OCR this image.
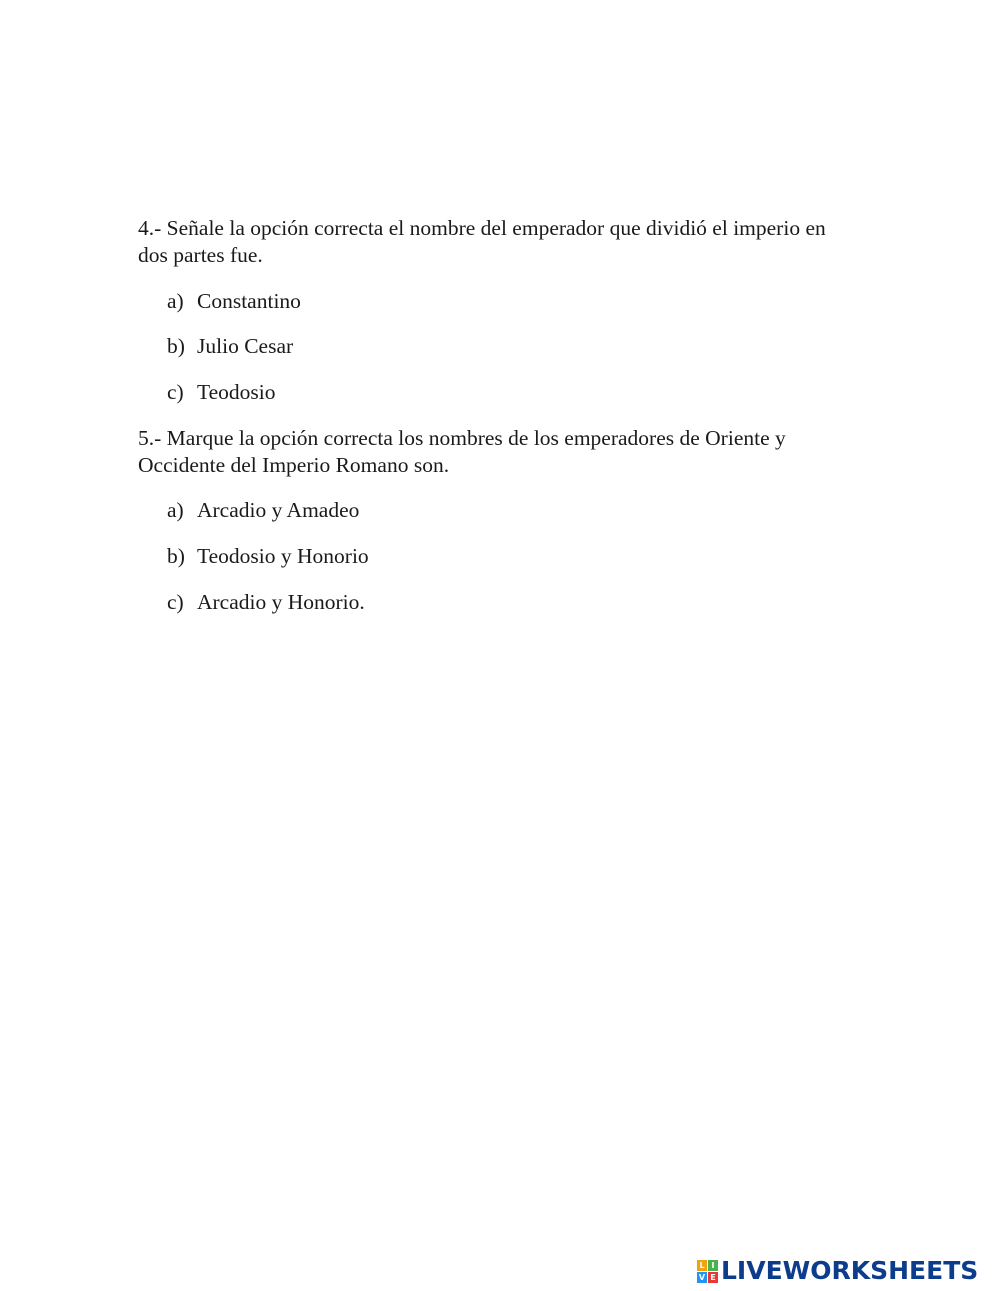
4.- Señale la opción correcta el nombre del emperador que dividió el imperio en dos partes fue.
a) Constantino
b) Julio Cesar
c) Teodosio
5.- Marque la opción correcta los nombres de los emperadores de Oriente y Occidente del Imperio Romano son.
a) Arcadio y Amadeo
b) Teodosio y Honorio
c) Arcadio y Honorio.
L I
V E LIVEWORKSHEETS
